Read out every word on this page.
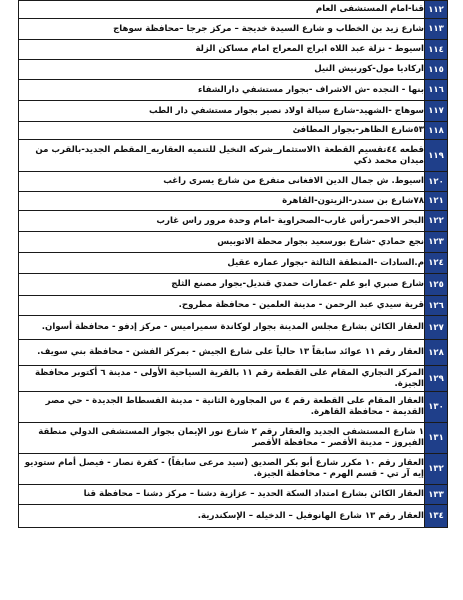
قنا-امام المستشفى العام	١١٢
شارع زيد بن الخطاب و شارع السيدة خديجة – مركز جرجا –محافظة سوهاج	١١٣
اسيوط - نزلة عبد اللاه ابراج المعراج امام مساكن الزلة	١١٤
اركاديا مول-كورنيش النيل	١١٥
بنها - النجده -ش الاشراف -بجوار مستشفي دارالشفاء	١١٦
سوهاج -الشهيد-شارع سيالة اولاد نصير بجوار مستشفي دار الطب	١١٧
٥٣شارع الظاهر-بجوار المطافئ	١١٨
قطعه ٤٤تقسيم القطعة ١الاستثمار_شركه النخيل للتنميه العقاريه_المقطم الجديد-بالقرب من ميدان محمد ذكي	١١٩
اسيوط. ش جمال الدين الافغانى متفرع من شارع يسرى راغب	١٢٠
٧٨شارع بن سندر-الزيتون-القاهرة	١٢١
البحر الاحمر-رأس غارب-الصحراوية -امام وحدة مرور راس غارب	١٢٢
نجع حمادي -شارع بورسعيد بجوار محطة الاتوبيس	١٢٣
م.السادات -المنطقة الثالثة -بجوار عماره عقيل	١٢٤
شارع صبري ابو علم -عمارات حمدي قنديل-بجوار مصنع الثلج	١٢٥
قرية سيدي عبد الرحمن - مدينة العلمين - محافظة مطروح.	١٢٦
العقار الكائن بشارع مجلس المدينة بجوار لوكاندة سميراميس - مركز إدفو - محافظة أسوان.	١٢٧
العقار رقم ١١ عوائد سابقاً ١٣ حالياً على شارع الجيش - بمركز الفشن - محافظة بني سويف.	١٢٨
المركز التجاري المقام على القطعة رقم ١١ بالقرية السياحية الأولى - مدينة ٦ أكتوبر محافظة الجيزة.	١٢٩
العقار المقام على القطعة رقم ٤ س المجاورة الثانية - مدينة الفسطاط الجديدة - حي مصر القديمة - محافظة القاهرة.	١٣٠
١ شارع المستشفى الجديد والعقار رقم ٢ شارع نور الإيمان بجوار المستشفى الدولي منطقة الفيروز – مدينة الأقصر – محافظة الأقصر	١٣١
العقار رقم ١٠ مكرر شارع أبو بكر الصديق (سيد مرعى سابقاً) - كفرة نصار - فيصل أمام ستوديو إيه آر تي - قسم الهرم - محافظة الجيزة.	١٣٢
العقار الكائن بشارع امتداد السكة الحديد – عزازية دشنا – مركز دشنا – محافظة قنا	١٣٣
العقار رقم ١٣ شارع الهانوفيل – الدخيله – الإسكندرية.	١٣٤
